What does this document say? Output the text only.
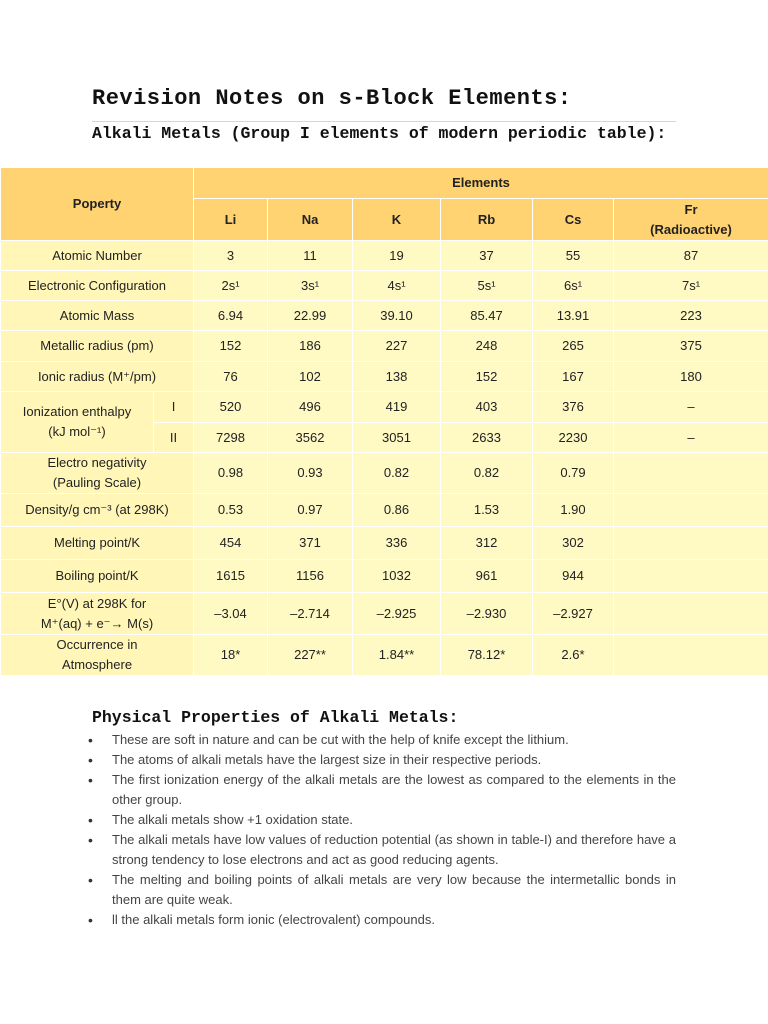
Revision Notes on s-Block Elements:
Alkali Metals (Group I elements of modern periodic table):
Poperty		Elements					
		Li	Na	K	Rb	Cs	Fr
(Radioactive)
Atomic Number		3	11	19	37	55	87
Electronic Configuration		2s¹	3s¹	4s¹	5s¹	6s¹	7s¹
Atomic Mass		6.94	22.99	39.10	85.47	13.91	223
Metallic radius (pm)		152	186	227	248	265	375
Ionic radius (M⁺/pm)		76	102	138	152	167	180
Ionization enthalpy
(kJ mol⁻¹)	I	520	496	419	403	376	–
	II	7298	3562	3051	2633	2230	–
Electro negativity
(Pauling Scale)		0.98	0.93	0.82	0.82	0.79	
Density/g cm⁻³ (at 298K)		0.53	0.97	0.86	1.53	1.90	
Melting point/K		454	371	336	312	302	
Boiling point/K		1615	1156	1032	961	944	
E°(V) at 298K for
M⁺(aq) + e⁻→ M(s)		–3.04	–2.714	–2.925	–2.930	–2.927	
Occurrence in
Atmosphere		18*	227**	1.84**	78.12*	2.6*	
Physical Properties of Alkali Metals:
• These are soft in nature and can be cut with the help of knife except the lithium.
• The atoms of alkali metals have the largest size in their respective periods.
• The first ionization energy of the alkali metals are the lowest as compared to the elements in the other group.
• The alkali metals show +1 oxidation state.
• The alkali metals have low values of reduction potential (as shown in table-I) and therefore have a strong tendency to lose electrons and act as good reducing agents.
• The melting and boiling points of alkali metals are very low because the intermetallic bonds in them are quite weak.
• ll the alkali metals form ionic (electrovalent) compounds.
